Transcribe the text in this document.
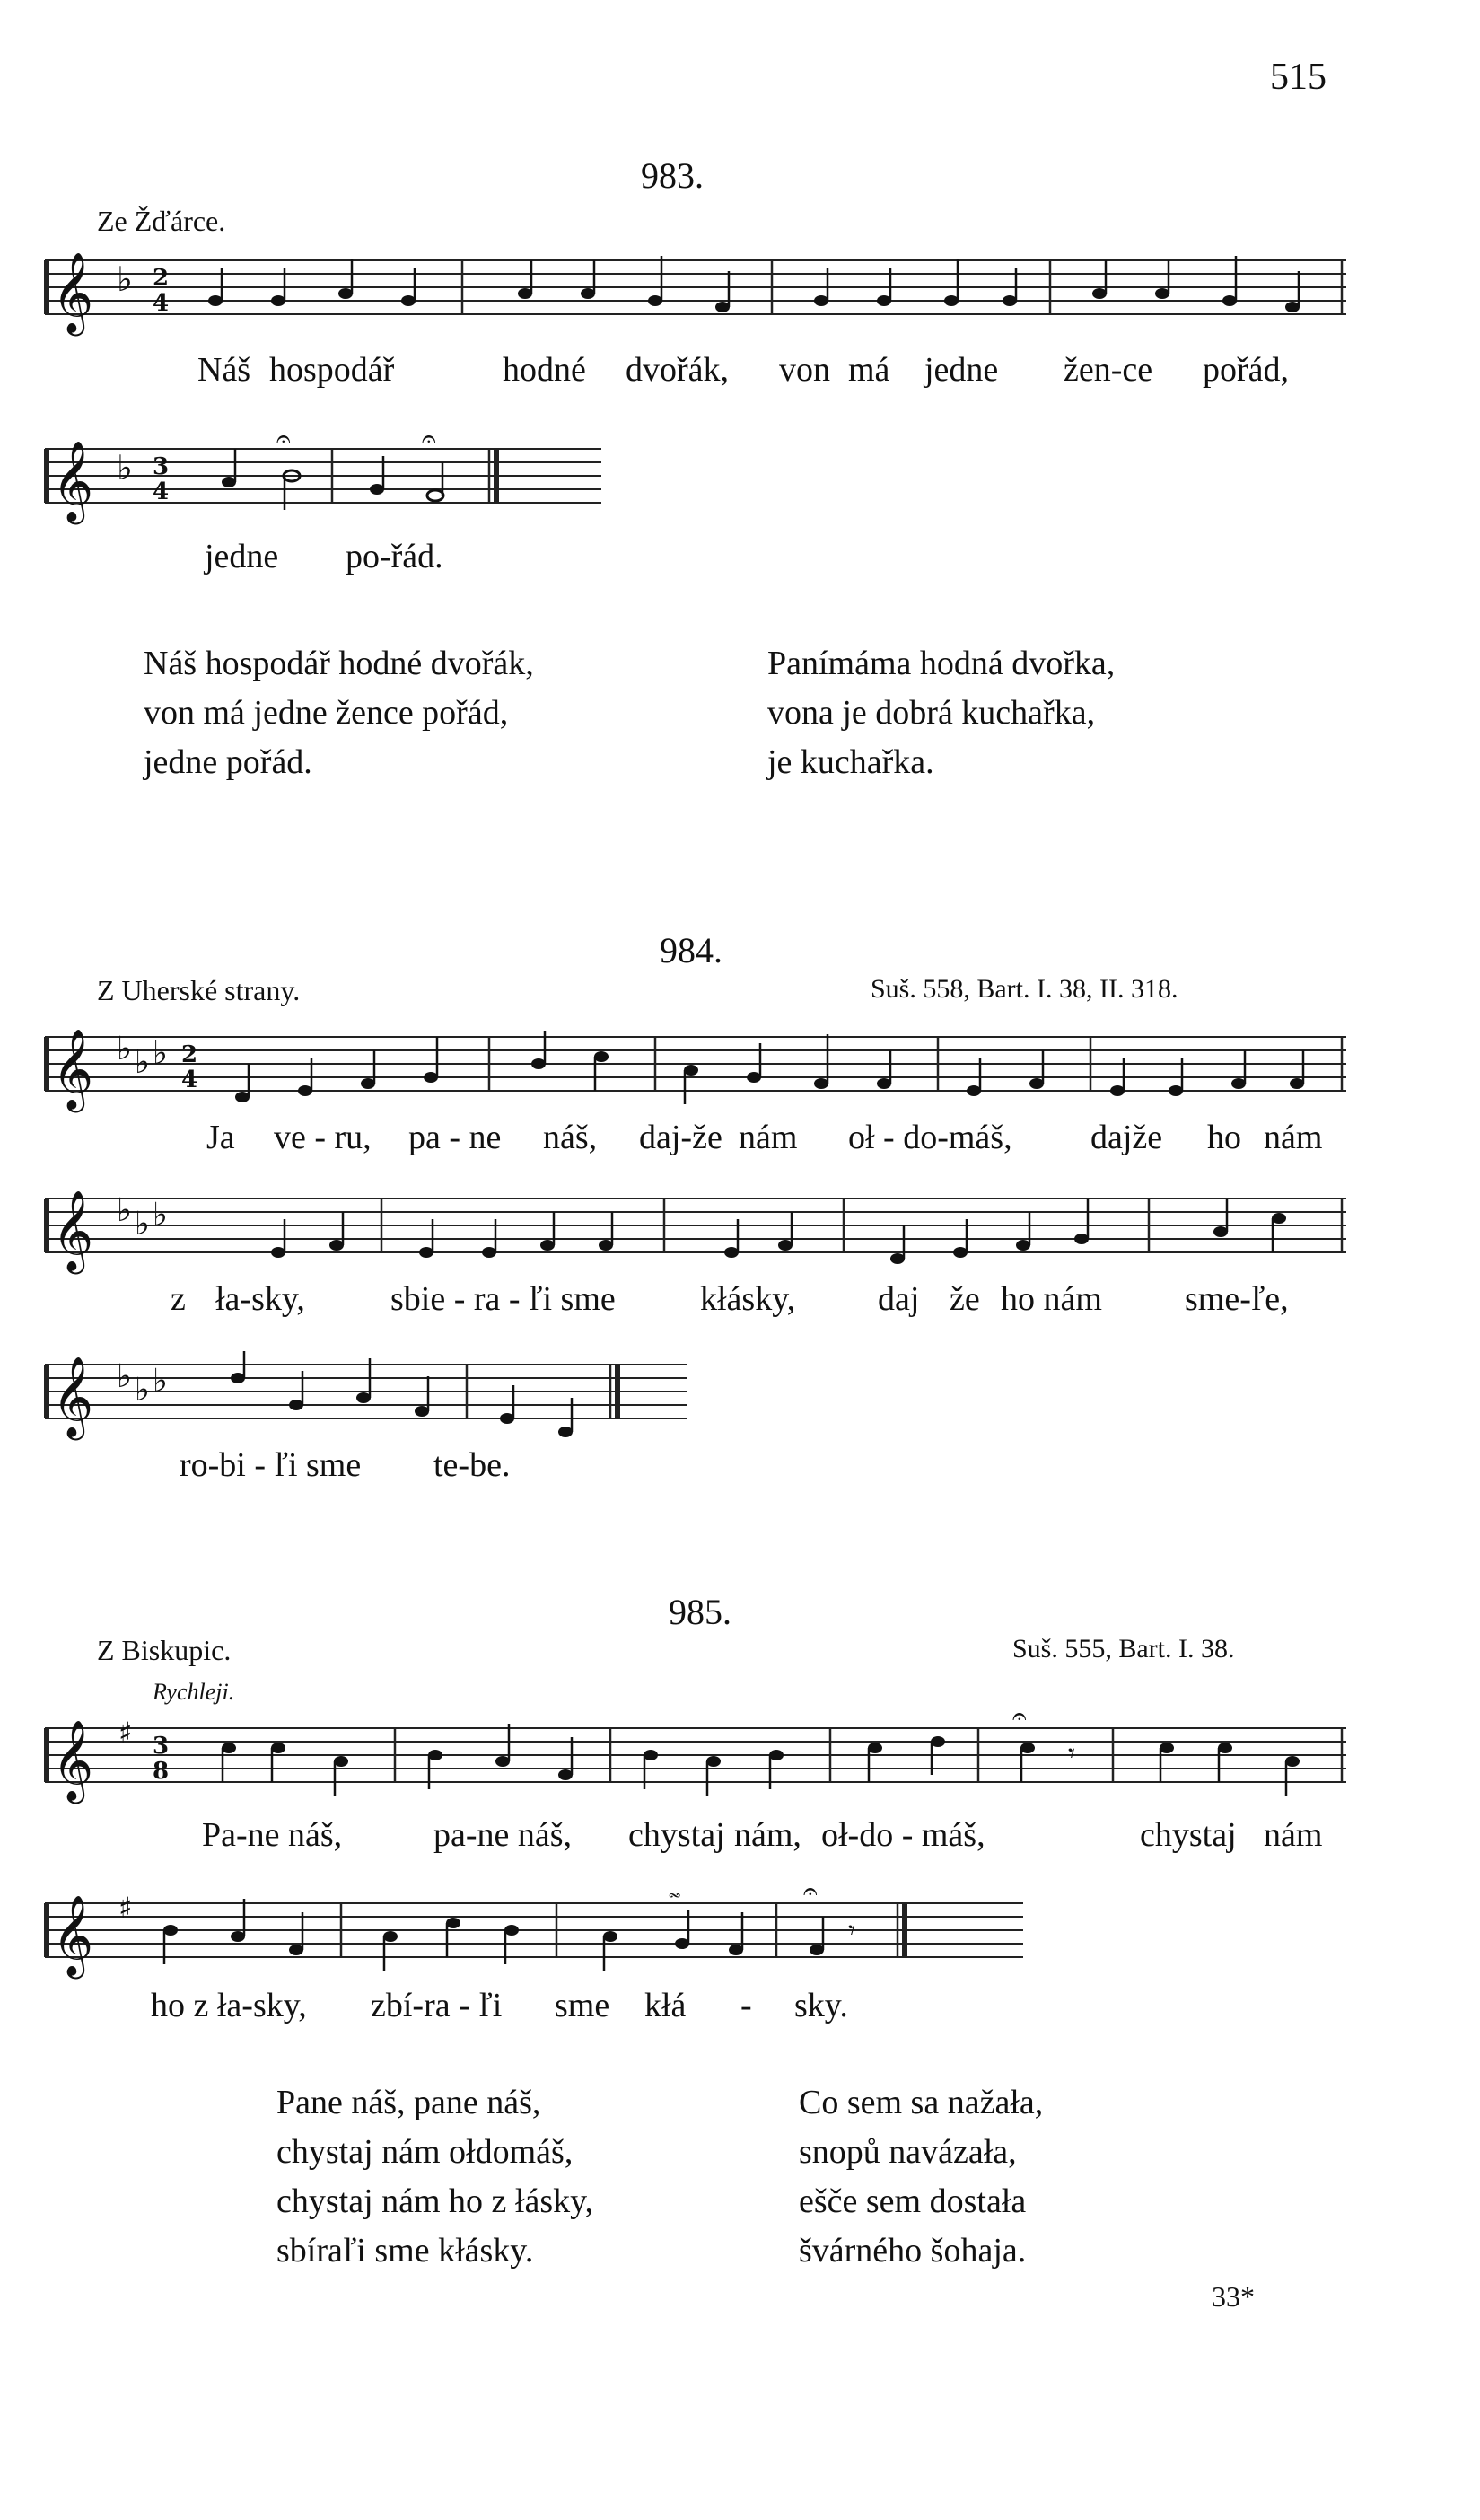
515
983.
Ze Žďárce.
𝄞 ♭ 2
4
Náš hospodář	hodné dvořák, von má jedne žen-ce pořád,
𝄞 ♭ 3
4
𝄐	𝄐
jedne po-řád.
Náš hospodář hodné dvořák,
von má jedne žence pořád,
jedne pořád.
Panímáma hodná dvořka,
vona je dobrá kuchařka,
je kuchařka.
984.
Z Uherské strany.	Suš. 558, Bart. I. 38, II. 318.
𝄞 ♭ ♭ ♭ 2
4
Ja ve - ru, pa - ne náš, daj-že nám oł - do-máš, dajže ho nám
𝄞 ♭ ♭ ♭
z ła-sky,	sbie - ra - ľi sme kłásky, daj že ho nám sme-ľe,
𝄞 ♭ ♭ ♭
ro-bi - ľi sme te-be.
985.
Z Biskupic.	Suš. 555, Bart. I. 38.
Rychleji.
𝄞 ♯ 3
8
𝄐
𝄾
Pa-ne náš,	pa-ne náš, chystaj nám, oł-do - máš,	chystaj nám
𝄞 ♯	𝆗	𝄐
𝄾
ho z ła-sky, zbí-ra - ľi sme kłá - sky.
Pane náš, pane náš,
chystaj nám ołdomáš,
chystaj nám ho z łásky,
sbíraľi sme kłásky.
Co sem sa nažała,
snopů navázała,
ešče sem dostała
švárného šohaja.
33*
